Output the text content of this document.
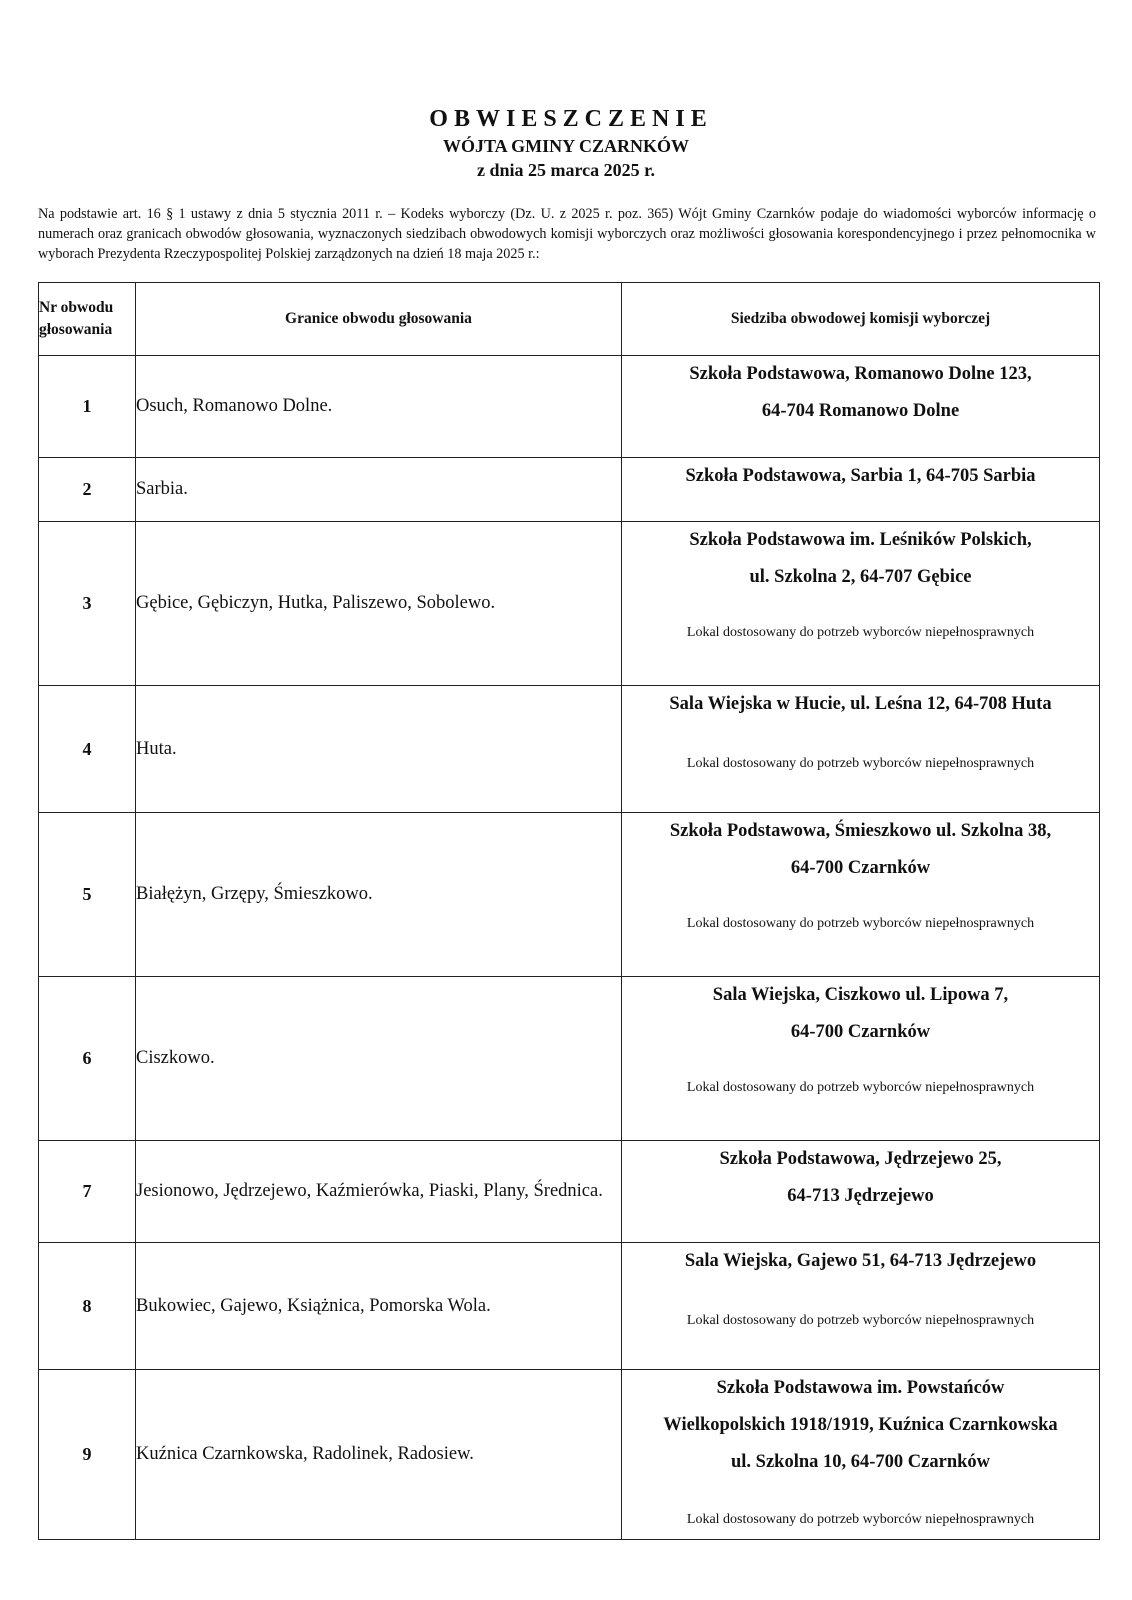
OBWIESZCZENIE
WÓJTA GMINY CZARNKÓW
z dnia 25 marca 2025 r.
Na podstawie art. 16 § 1 ustawy z dnia 5 stycznia 2011 r. – Kodeks wyborczy (Dz. U. z 2025 r. poz. 365) Wójt Gminy Czarnków podaje do wiadomości wyborców informację o numerach oraz granicach obwodów głosowania, wyznaczonych siedzibach obwodowych komisji wyborczych oraz możliwości głosowania korespondencyjnego i przez pełnomocnika w wyborach Prezydenta Rzeczypospolitej Polskiej zarządzonych na dzień 18 maja 2025 r.:
Nr obwodu głosowania	Granice obwodu głosowania	Siedziba obwodowej komisji wyborczej
1	Osuch, Romanowo Dolne.	Szkoła Podstawowa, Romanowo Dolne 123,
64-704 Romanowo Dolne

2	Sarbia.	Szkoła Podstawowa, Sarbia 1, 64-705 Sarbia

3	Gębice, Gębiczyn, Hutka, Paliszewo, Sobolewo.	Szkoła Podstawowa im. Leśników Polskich,
ul. Szkolna 2, 64-707 Gębice
Lokal dostosowany do potrzeb wyborców niepełnosprawnych

4	Huta.	Sala Wiejska w Hucie, ul. Leśna 12, 64-708 Huta
Lokal dostosowany do potrzeb wyborców niepełnosprawnych

5	Białężyn, Grzępy, Śmieszkowo.	Szkoła Podstawowa, Śmieszkowo ul. Szkolna 38,
64-700 Czarnków
Lokal dostosowany do potrzeb wyborców niepełnosprawnych

6	Ciszkowo.	Sala Wiejska, Ciszkowo ul. Lipowa 7,
64-700 Czarnków
Lokal dostosowany do potrzeb wyborców niepełnosprawnych

7	Jesionowo, Jędrzejewo, Kaźmierówka, Piaski, Plany, Średnica.	Szkoła Podstawowa, Jędrzejewo 25,
64-713 Jędrzejewo

8	Bukowiec, Gajewo, Książnica, Pomorska Wola.	Sala Wiejska, Gajewo 51, 64-713 Jędrzejewo
Lokal dostosowany do potrzeb wyborców niepełnosprawnych

9	Kuźnica Czarnkowska, Radolinek, Radosiew.	Szkoła Podstawowa im. Powstańców
Wielkopolskich 1918/1919, Kuźnica Czarnkowska
ul. Szkolna 10, 64-700 Czarnków
Lokal dostosowany do potrzeb wyborców niepełnosprawnych
